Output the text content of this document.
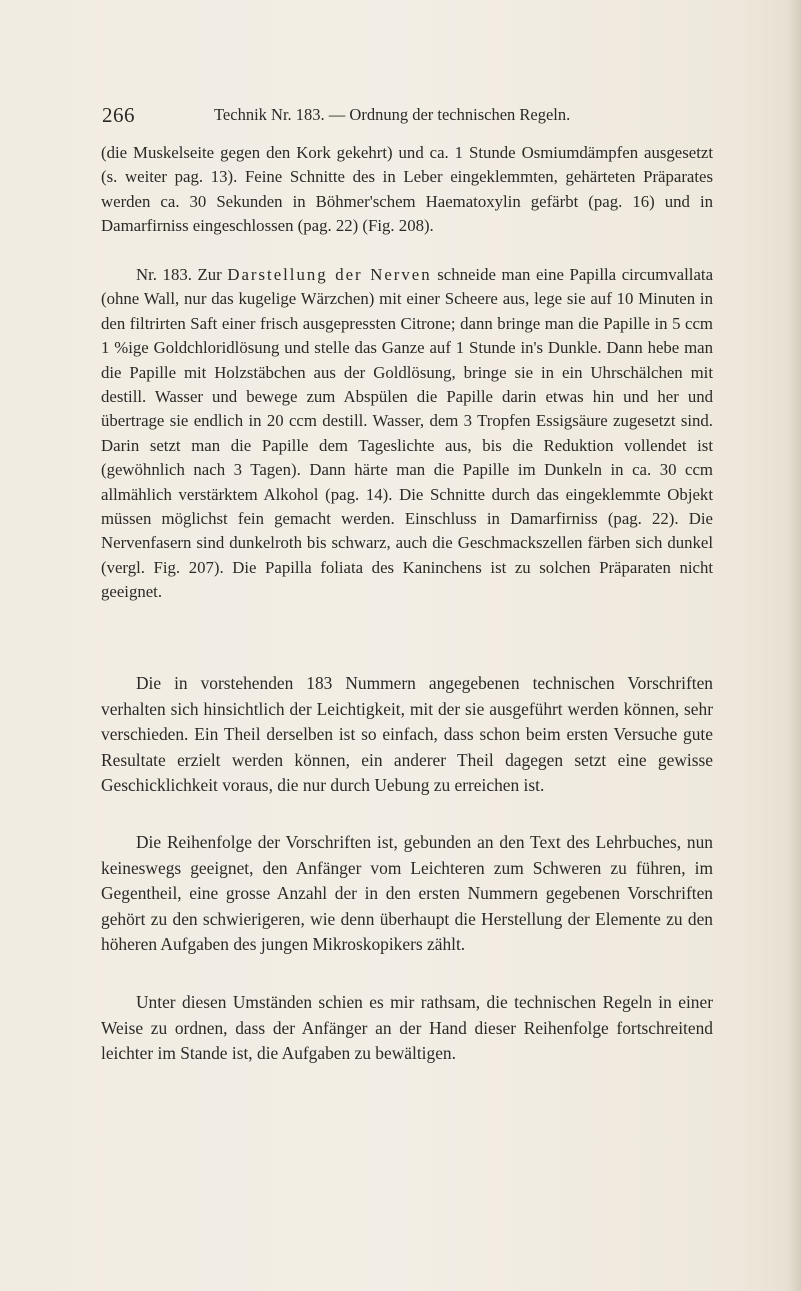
266	Technik Nr. 183. — Ordnung der technischen Regeln.

(die Muskelseite gegen den Kork gekehrt) und ca. 1 Stunde Osmiumdämpfen ausgesetzt (s. weiter pag. 13). Feine Schnitte des in Leber eingeklemmten, gehärteten Präparates werden ca. 30 Sekunden in Böhmer'schem Haematoxylin gefärbt (pag. 16) und in Damarfirniss eingeschlossen (pag. 22) (Fig. 208).

Nr. 183. Zur Darstellung der Nerven schneide man eine Papilla circumvallata (ohne Wall, nur das kugelige Wärzchen) mit einer Scheere aus, lege sie auf 10 Minuten in den filtrirten Saft einer frisch ausgepressten Citrone; dann bringe man die Papille in 5 ccm 1 %ige Goldchloridlösung und stelle das Ganze auf 1 Stunde in's Dunkle. Dann hebe man die Papille mit Holzstäbchen aus der Goldlösung, bringe sie in ein Uhrschälchen mit destill. Wasser und bewege zum Abspülen die Papille darin etwas hin und her und übertrage sie endlich in 20 ccm destill. Wasser, dem 3 Tropfen Essigsäure zugesetzt sind. Darin setzt man die Papille dem Tageslichte aus, bis die Reduktion vollendet ist (gewöhnlich nach 3 Tagen). Dann härte man die Papille im Dunkeln in ca. 30 ccm allmählich verstärktem Alkohol (pag. 14). Die Schnitte durch das eingeklemmte Objekt müssen möglichst fein gemacht werden. Einschluss in Damarfirniss (pag. 22). Die Nervenfasern sind dunkelroth bis schwarz, auch die Geschmackszellen färben sich dunkel (vergl. Fig. 207). Die Papilla foliata des Kaninchens ist zu solchen Präparaten nicht geeignet.

Die in vorstehenden 183 Nummern angegebenen technischen Vorschriften verhalten sich hinsichtlich der Leichtigkeit, mit der sie ausgeführt werden können, sehr verschieden. Ein Theil derselben ist so einfach, dass schon beim ersten Versuche gute Resultate erzielt werden können, ein anderer Theil dagegen setzt eine gewisse Geschicklichkeit voraus, die nur durch Uebung zu erreichen ist.

Die Reihenfolge der Vorschriften ist, gebunden an den Text des Lehrbuches, nun keineswegs geeignet, den Anfänger vom Leichteren zum Schweren zu führen, im Gegentheil, eine grosse Anzahl der in den ersten Nummern gegebenen Vorschriften gehört zu den schwierigeren, wie denn überhaupt die Herstellung der Elemente zu den höheren Aufgaben des jungen Mikroskopikers zählt.

Unter diesen Umständen schien es mir rathsam, die technischen Regeln in einer Weise zu ordnen, dass der Anfänger an der Hand dieser Reihenfolge fortschreitend leichter im Stande ist, die Aufgaben zu bewältigen.
